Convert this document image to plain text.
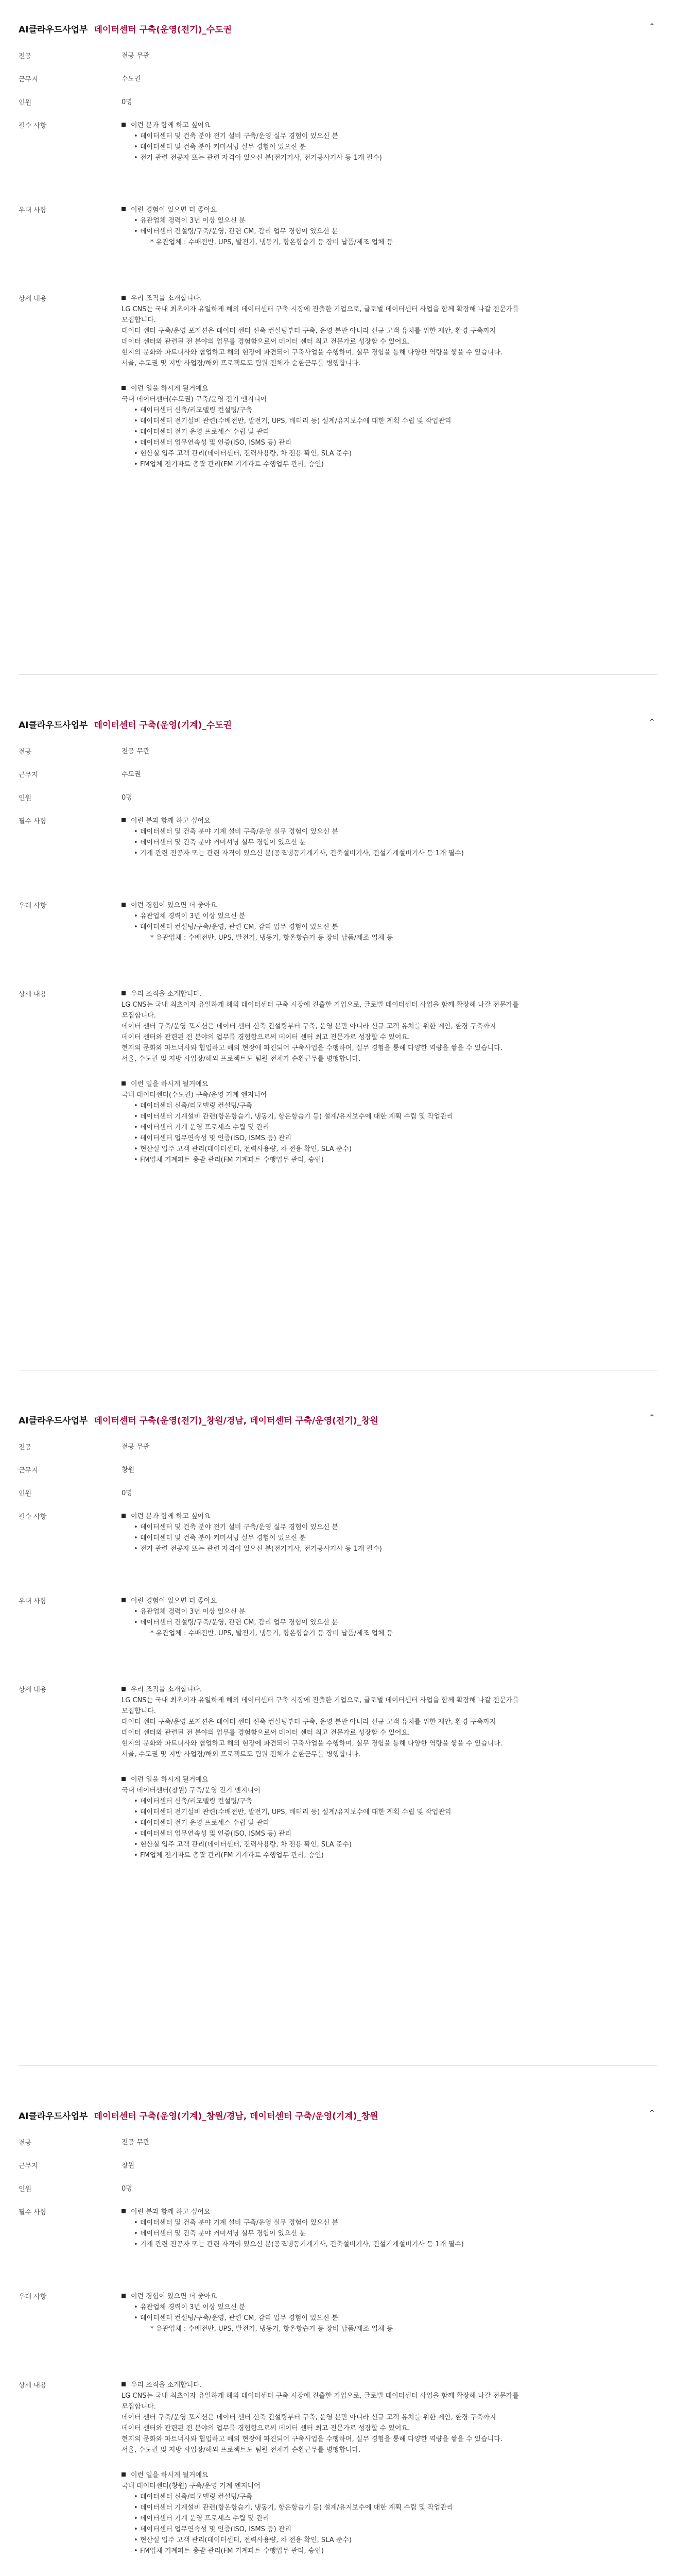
AI클라우드사업부 데이터센터 구축(운영(전기)_수도권	⌃
전공	전공 무관
근무지	수도권
인원	0명
필수 사항	이런 분과 함께 하고 싶어요
• 데이터센터 및 건축 분야 전기 설비 구축/운영 실무 경험이 있으신 분
• 데이터센터 및 건축 분야 커미셔닝 실무 경험이 있으신 분
• 전기 관련 전공자 또는 관련 자격이 있으신 분(전기기사, 전기공사기사 등 1개 필수)
우대 사항	이런 경험이 있으면 더 좋아요
• 유관업체 경력이 3년 이상 있으신 분
• 데이터센터 컨설팅/구축/운영, 관련 CM, 감리 업무 경험이 있으신 분
* 유관업체 : 수배전반, UPS, 발전기, 냉동기, 항온항습기 등 장비 납품/제조 업체 등
상세 내용	우리 조직을 소개합니다.
LG CNS는 국내 최초이자 유일하게 해외 데이터센터 구축 시장에 진출한 기업으로, 글로벌 데이터센터 사업을 함께 확장해 나갈 전문가를
모집합니다.
데이터 센터 구축/운영 포지션은 데이터 센터 신축 컨설팅부터 구축, 운영 분만 아니라 신규 고객 유치를 위한 제안, 환경 구축까지
데이터 센터와 관련된 전 분야의 업무를 경험함으로써 데이터 센터 최고 전문가로 성장할 수 있어요.
현지의 문화와 파트너사와 협업하고 해외 현장에 파견되어 구축사업을 수행하며, 실무 경험을 통해 다양한 역량을 쌓을 수 있습니다.
서울, 수도권 및 지방 사업장/해외 프로젝트도 팀원 전체가 순환근무를 병행합니다.
이런 일을 하시게 될거예요
국내 데이터센터(수도권) 구축/운영 전기 엔지니어
• 데이터센터 신축/리모델링 컨설팅/구축
• 데이터센터 전기설비 관련(수배전반, 발전기, UPS, 배터리 등) 설계/유지보수에 대한 계획 수립 및 작업관리
• 데이터센터 전기 운영 프로세스 수립 및 관리
• 데이터센터 업무연속성 및 인증(ISO, ISMS 등) 관리
• 현산실 입주 고객 관리(데이터센터, 전력사용량, 차 전용 확인, SLA 준수)
• FM업체 전기파트 총괄 관리(FM 기계파트 수행업무 관리, 승인)
AI클라우드사업부 데이터센터 구축(운영(기계)_수도권	⌃
전공	전공 무관
근무지	수도권
인원	0명
필수 사항	이런 분과 함께 하고 싶어요
• 데이터센터 및 건축 분야 기계 설비 구축/운영 실무 경험이 있으신 분
• 데이터센터 및 건축 분야 커미셔닝 실무 경험이 있으신 분
• 기계 관련 전공자 또는 관련 자격이 있으신 분(공조냉동기계기사, 건축설비기사, 건설기계설비기사 등 1개 필수)
우대 사항	이런 경험이 있으면 더 좋아요
• 유관업체 경력이 3년 이상 있으신 분
• 데이터센터 컨설팅/구축/운영, 관련 CM, 감리 업무 경험이 있으신 분
* 유관업체 : 수배전반, UPS, 발전기, 냉동기, 항온항습기 등 장비 납품/제조 업체 등
상세 내용	우리 조직을 소개합니다.
LG CNS는 국내 최초이자 유일하게 해외 데이터센터 구축 시장에 진출한 기업으로, 글로벌 데이터센터 사업을 함께 확장해 나갈 전문가를
모집합니다.
데이터 센터 구축/운영 포지션은 데이터 센터 신축 컨설팅부터 구축, 운영 분만 아니라 신규 고객 유치를 위한 제안, 환경 구축까지
데이터 센터와 관련된 전 분야의 업무를 경험함으로써 데이터 센터 최고 전문가로 성장할 수 있어요.
현지의 문화와 파트너사와 협업하고 해외 현장에 파견되어 구축사업을 수행하며, 실무 경험을 통해 다양한 역량을 쌓을 수 있습니다.
서울, 수도권 및 지방 사업장/해외 프로젝트도 팀원 전체가 순환근무를 병행합니다.
이런 일을 하시게 될거예요
국내 데이터센터(수도권) 구축/운영 기계 엔지니어
• 데이터센터 신축/리모델링 컨설팅/구축
• 데이터센터 기계설비 관련(항온항습기, 냉동기, 항온항습기 등) 설계/유지보수에 대한 계획 수립 및 작업관리
• 데이터센터 기계 운영 프로세스 수립 및 관리
• 데이터센터 업무연속성 및 인증(ISO, ISMS 등) 관리
• 현산실 입주 고객 관리(데이터센터, 전력사용량, 차 전용 확인, SLA 준수)
• FM업체 기계파트 총괄 관리(FM 기계파트 수행업무 관리, 승인)
AI클라우드사업부 데이터센터 구축(운영(전기)_창원/경남, 데이터센터 구축/운영(전기)_창원	⌃
전공	전공 무관
근무지	창원
인원	0명
필수 사항	이런 분과 함께 하고 싶어요
• 데이터센터 및 건축 분야 전기 설비 구축/운영 실무 경험이 있으신 분
• 데이터센터 및 건축 분야 커미셔닝 실무 경험이 있으신 분
• 전기 관련 전공자 또는 관련 자격이 있으신 분(전기기사, 전기공사기사 등 1개 필수)
우대 사항	이런 경험이 있으면 더 좋아요
• 유관업체 경력이 3년 이상 있으신 분
• 데이터센터 컨설팅/구축/운영, 관련 CM, 감리 업무 경험이 있으신 분
* 유관업체 : 수배전반, UPS, 발전기, 냉동기, 항온항습기 등 장비 납품/제조 업체 등
상세 내용	우리 조직을 소개합니다.
LG CNS는 국내 최초이자 유일하게 해외 데이터센터 구축 시장에 진출한 기업으로, 글로벌 데이터센터 사업을 함께 확장해 나갈 전문가를
모집합니다.
데이터 센터 구축/운영 포지션은 데이터 센터 신축 컨설팅부터 구축, 운영 분만 아니라 신규 고객 유치를 위한 제안, 환경 구축까지
데이터 센터와 관련된 전 분야의 업무를 경험함으로써 데이터 센터 최고 전문가로 성장할 수 있어요.
현지의 문화와 파트너사와 협업하고 해외 현장에 파견되어 구축사업을 수행하며, 실무 경험을 통해 다양한 역량을 쌓을 수 있습니다.
서울, 수도권 및 지방 사업장/해외 프로젝트도 팀원 전체가 순환근무를 병행합니다.
이런 일을 하시게 될거예요
국내 데이터센터(창원) 구축/운영 전기 엔지니어
• 데이터센터 신축/리모델링 컨설팅/구축
• 데이터센터 전기설비 관련(수배전반, 발전기, UPS, 배터리 등) 설계/유지보수에 대한 계획 수립 및 작업관리
• 데이터센터 전기 운영 프로세스 수립 및 관리
• 데이터센터 업무연속성 및 인증(ISO, ISMS 등) 관리
• 현산실 입주 고객 관리(데이터센터, 전력사용량, 차 전용 확인, SLA 준수)
• FM업체 전기파트 총괄 관리(FM 기계파트 수행업무 관리, 승인)
AI클라우드사업부 데이터센터 구축(운영(기계)_창원/경남, 데이터센터 구축/운영(기계)_창원	⌃
전공	전공 무관
근무지	창원
인원	0명
필수 사항	이런 분과 함께 하고 싶어요
• 데이터센터 및 건축 분야 기계 설비 구축/운영 실무 경험이 있으신 분
• 데이터센터 및 건축 분야 커미셔닝 실무 경험이 있으신 분
• 기계 관련 전공자 또는 관련 자격이 있으신 분(공조냉동기계기사, 건축설비기사, 건설기계설비기사 등 1개 필수)
우대 사항	이런 경험이 있으면 더 좋아요
• 유관업체 경력이 3년 이상 있으신 분
• 데이터센터 컨설팅/구축/운영, 관련 CM, 감리 업무 경험이 있으신 분
* 유관업체 : 수배전반, UPS, 발전기, 냉동기, 항온항습기 등 장비 납품/제조 업체 등
상세 내용	우리 조직을 소개합니다.
LG CNS는 국내 최초이자 유일하게 해외 데이터센터 구축 시장에 진출한 기업으로, 글로벌 데이터센터 사업을 함께 확장해 나갈 전문가를
모집합니다.
데이터 센터 구축/운영 포지션은 데이터 센터 신축 컨설팅부터 구축, 운영 분만 아니라 신규 고객 유치를 위한 제안, 환경 구축까지
데이터 센터와 관련된 전 분야의 업무를 경험함으로써 데이터 센터 최고 전문가로 성장할 수 있어요.
현지의 문화와 파트너사와 협업하고 해외 현장에 파견되어 구축사업을 수행하며, 실무 경험을 통해 다양한 역량을 쌓을 수 있습니다.
서울, 수도권 및 지방 사업장/해외 프로젝트도 팀원 전체가 순환근무를 병행합니다.
이런 일을 하시게 될거예요
국내 데이터센터(창원) 구축/운영 기계 엔지니어
• 데이터센터 신축/리모델링 컨설팅/구축
• 데이터센터 기계설비 관련(항온항습기, 냉동기, 항온항습기 등) 설계/유지보수에 대한 계획 수립 및 작업관리
• 데이터센터 기계 운영 프로세스 수립 및 관리
• 데이터센터 업무연속성 및 인증(ISO, ISMS 등) 관리
• 현산실 입주 고객 관리(데이터센터, 전력사용량, 차 전용 확인, SLA 준수)
• FM업체 기계파트 총괄 관리(FM 기계파트 수행업무 관리, 승인)
